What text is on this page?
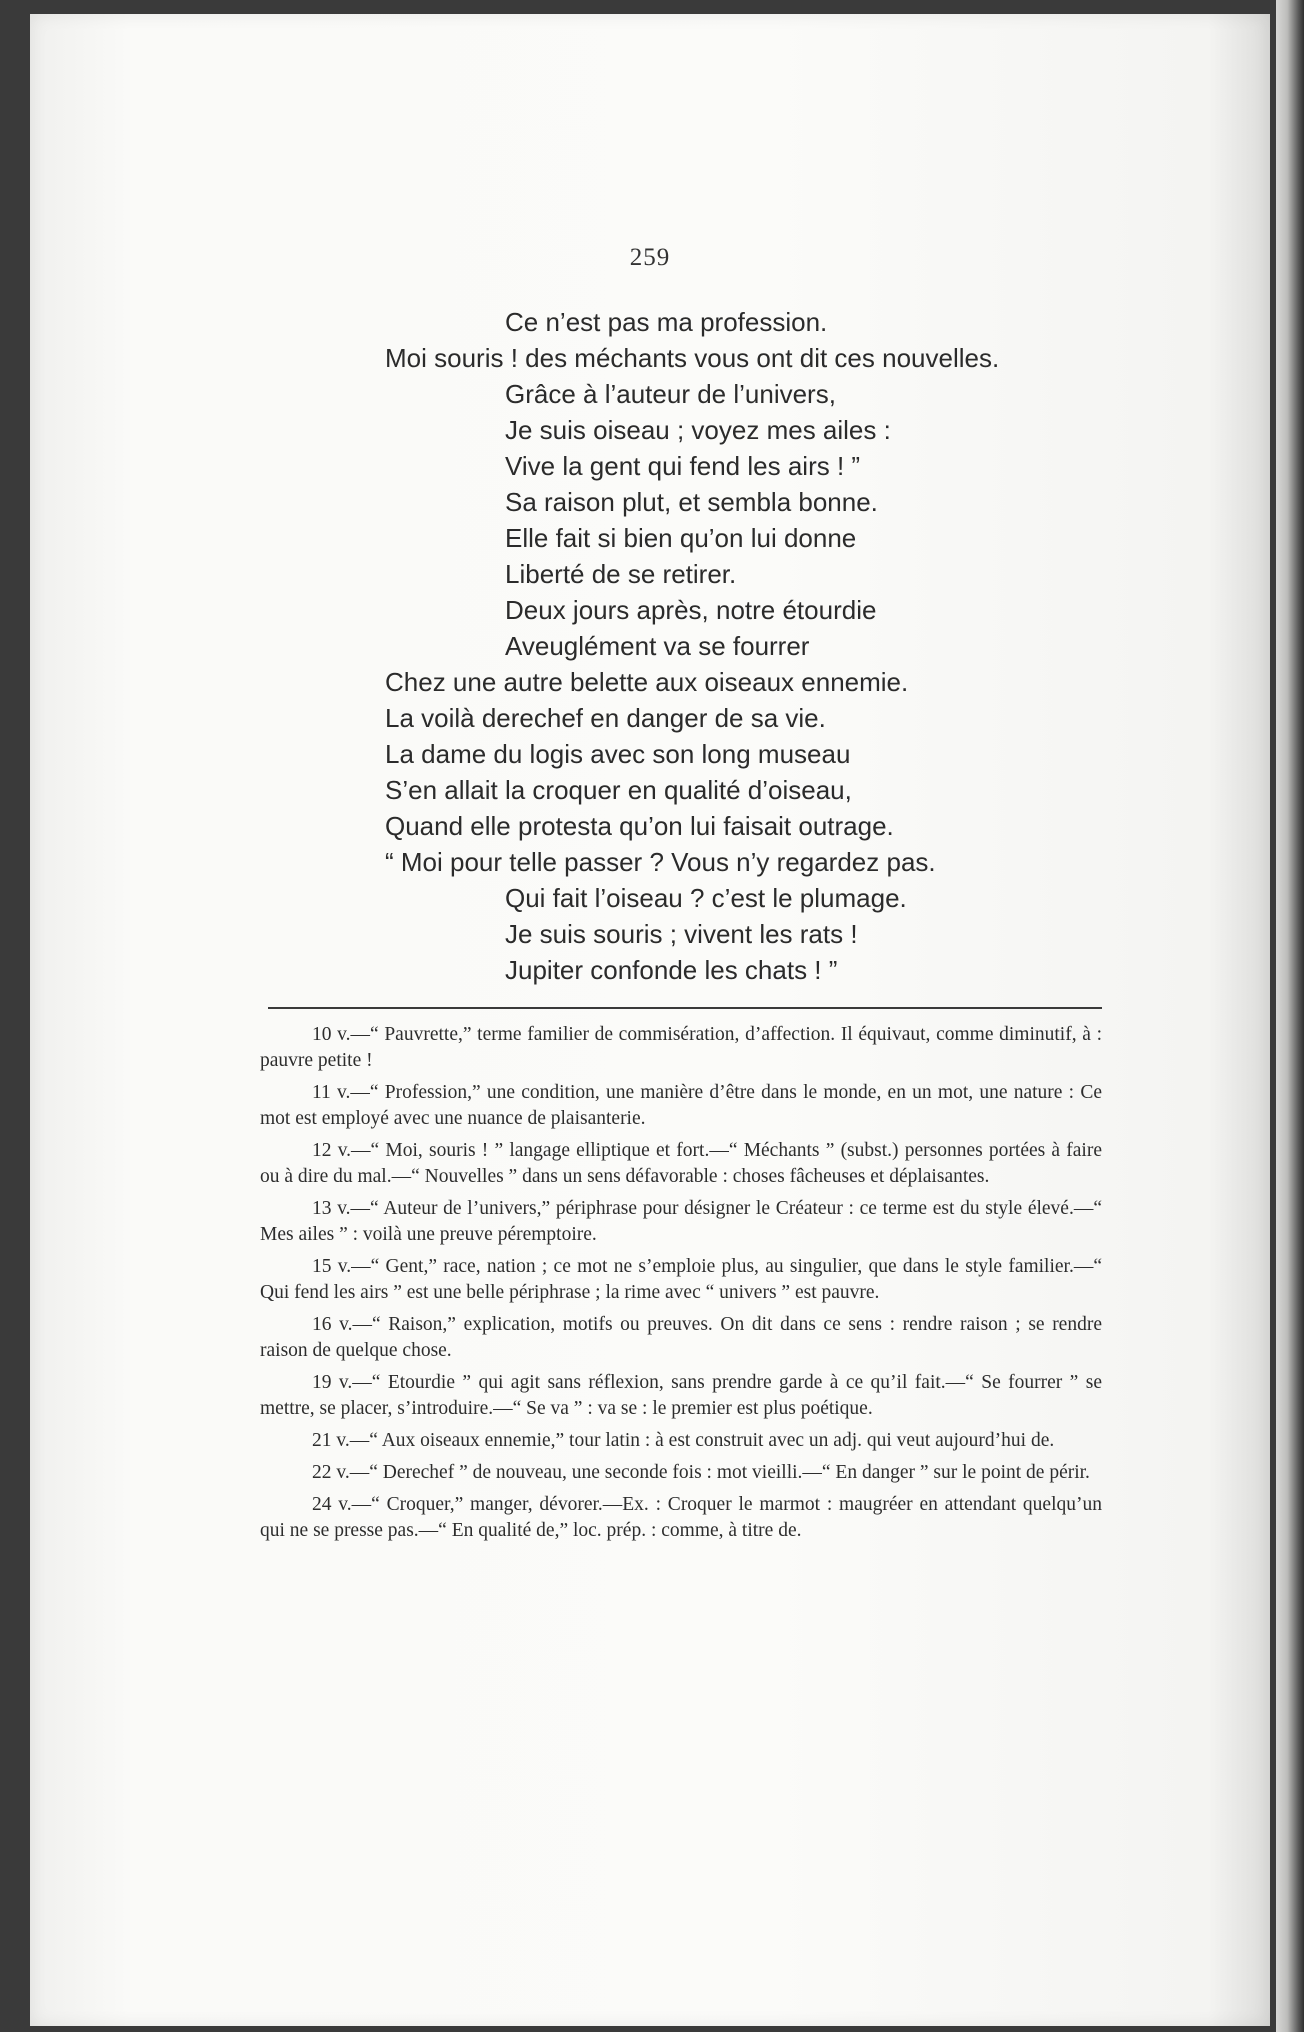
259
Ce n’est pas ma profession.
Moi souris ! des méchants vous ont dit ces nouvelles.
Grâce à l’auteur de l’univers,
Je suis oiseau ; voyez mes ailes :
Vive la gent qui fend les airs ! ”
Sa raison plut, et sembla bonne.
Elle fait si bien qu’on lui donne
Liberté de se retirer.
Deux jours après, notre étourdie
Aveuglément va se fourrer
Chez une autre belette aux oiseaux ennemie.
La voilà derechef en danger de sa vie.
La dame du logis avec son long museau
S’en allait la croquer en qualité d’oiseau,
Quand elle protesta qu’on lui faisait outrage.
“ Moi pour telle passer ? Vous n’y regardez pas.
Qui fait l’oiseau ? c’est le plumage.
Je suis souris ; vivent les rats !
Jupiter confonde les chats ! ”
10 v.—“ Pauvrette,” terme familier de commisération, d’affection. Il équivaut, comme diminutif, à : pauvre petite !
11 v.—“ Profession,” une condition, une manière d’être dans le monde, en un mot, une nature : Ce mot est employé avec une nuance de plaisanterie.
12 v.—“ Moi, souris ! ” langage elliptique et fort.—“ Méchants ” (subst.) personnes portées à faire ou à dire du mal.—“ Nouvelles ” dans un sens défavorable : choses fâcheuses et déplaisantes.
13 v.—“ Auteur de l’univers,” périphrase pour désigner le Créateur : ce terme est du style élevé.—“ Mes ailes ” : voilà une preuve péremptoire.
15 v.—“ Gent,” race, nation ; ce mot ne s’emploie plus, au singulier, que dans le style familier.—“ Qui fend les airs ” est une belle périphrase ; la rime avec “ univers ” est pauvre.
16 v.—“ Raison,” explication, motifs ou preuves. On dit dans ce sens : rendre raison ; se rendre raison de quelque chose.
19 v.—“ Etourdie ” qui agit sans réflexion, sans prendre garde à ce qu’il fait.—“ Se fourrer ” se mettre, se placer, s’introduire.—“ Se va ” : va se : le premier est plus poétique.
21 v.—“ Aux oiseaux ennemie,” tour latin : à est construit avec un adj. qui veut aujourd’hui de.
22 v.—“ Derechef ” de nouveau, une seconde fois : mot vieilli.—“ En danger ” sur le point de périr.
24 v.—“ Croquer,” manger, dévorer.—Ex. : Croquer le marmot : maugréer en attendant quelqu’un qui ne se presse pas.—“ En qualité de,” loc. prép. : comme, à titre de.
